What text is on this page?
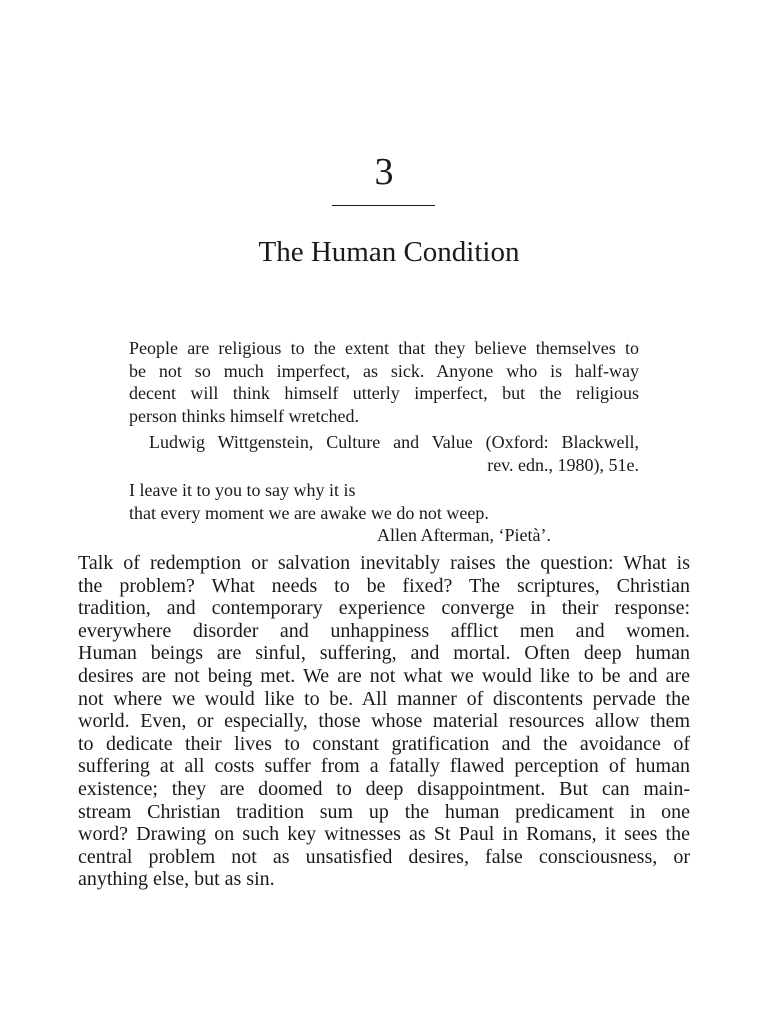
3
The Human Condition
People are religious to the extent that they believe themselves to
be not so much imperfect, as sick. Anyone who is half-way
decent will think himself utterly imperfect, but the religious
person thinks himself wretched.
Ludwig Wittgenstein, Culture and Value (Oxford: Blackwell,
rev. edn., 1980), 51e.
I leave it to you to say why it is
that every moment we are awake we do not weep.
Allen Afterman, ‘Pietà’.
Talk of redemption or salvation inevitably raises the question: What is
the problem? What needs to be fixed? The scriptures, Christian
tradition, and contemporary experience converge in their response:
everywhere disorder and unhappiness afflict men and women.
Human beings are sinful, suffering, and mortal. Often deep human
desires are not being met. We are not what we would like to be and are
not where we would like to be. All manner of discontents pervade the
world. Even, or especially, those whose material resources allow them
to dedicate their lives to constant gratification and the avoidance of
suffering at all costs suffer from a fatally flawed perception of human
existence; they are doomed to deep disappointment. But can main-
stream Christian tradition sum up the human predicament in one
word? Drawing on such key witnesses as St Paul in Romans, it sees the
central problem not as unsatisfied desires, false consciousness, or
anything else, but as sin.
